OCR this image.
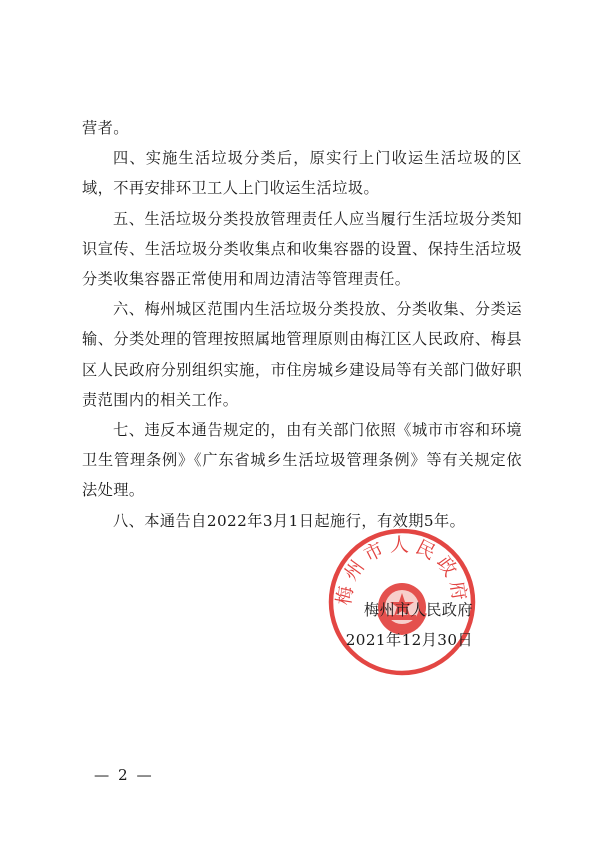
营者。

四、实施生活垃圾分类后，原实行上门收运生活垃圾的区域，不再安排环卫工人上门收运生活垃圾。

五、生活垃圾分类投放管理责任人应当履行生活垃圾分类知识宣传、生活垃圾分类收集点和收集容器的设置、保持生活垃圾分类收集容器正常使用和周边清洁等管理责任。

六、梅州城区范围内生活垃圾分类投放、分类收集、分类运输、分类处理的管理按照属地管理原则由梅江区人民政府、梅县区人民政府分别组织实施，市住房城乡建设局等有关部门做好职责范围内的相关工作。

七、违反本通告规定的，由有关部门依照《城市市容和环境卫生管理条例》《广东省城乡生活垃圾管理条例》等有关规定依法处理。

八、本通告自2022年3月1日起施行，有效期5年。

梅州市人民政府
梅州市人民政府
2021年12月30日
— 2 —
